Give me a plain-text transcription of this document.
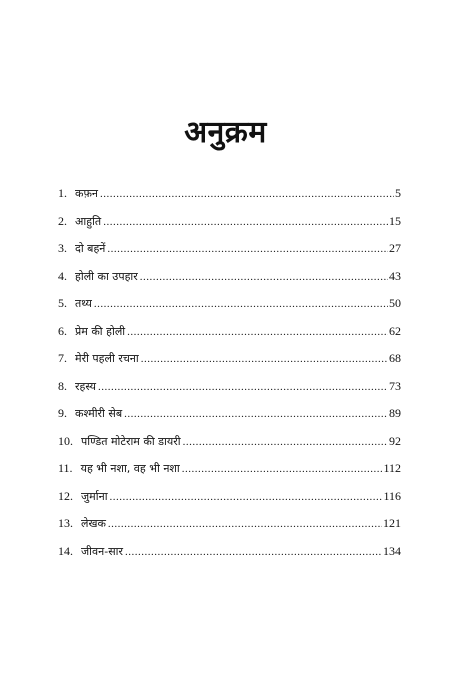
अनुक्रम
1. कफ़न .....	5
2. आहुति .....	15
3. दो बहनें .....	27
4. होली का उपहार .....	43
5. तथ्य .....	50
6. प्रेम की होली .....	62
7. मेरी पहली रचना .....	68
8. रहस्य .....	73
9. कश्मीरी सेब .....	89
10. पण्डित मोटेराम की डायरी .....	92
11. यह भी नशा, वह भी नशा .....	112
12. जुर्माना .....	116
13. लेखक .....	121
14. जीवन-सार .....	134
